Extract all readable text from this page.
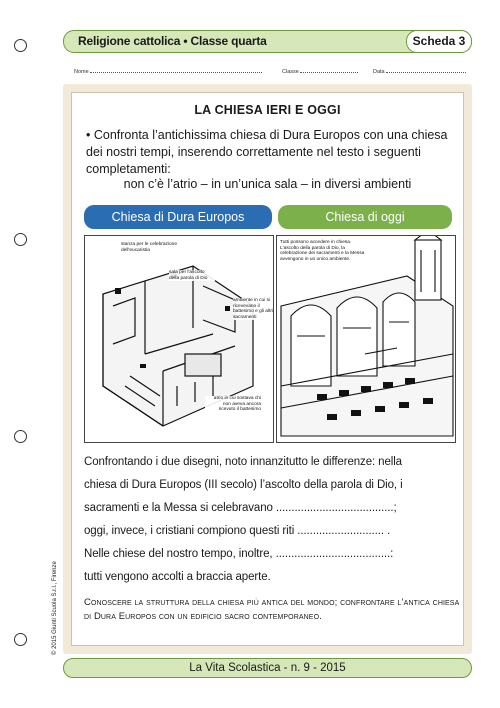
Religione cattolica • Classe quarta	Scheda 3
Nome	Classe	Data
LA CHIESA IERI E OGGI
• Confronta l’antichissima chiesa di Dura Europos con una chiesa dei nostri tempi, inserendo correttamente nel testo i seguenti completamenti:
non c’è l’atrio – in un’unica sala – in diversi ambienti
Chiesa di Dura Europos	Chiesa di oggi
stanza per le celebrazione dell'eucaristia
sala per l'ascolto della parola di Dio
ambiente in cui si ricevevano il battesimo e gli altri sacramenti
atrio in cui sostava chi non aveva ancora ricevuto il battesimo
Tutti possono accedere in chiesa. L'ascolto della parola di Dio, la celebrazione dei sacramenti e la Messa avvengono in un unico ambiente.

Confrontando i due disegni, noto innanzitutto le differenze: nella

chiesa di Dura Europos (III secolo) l’ascolto della parola di Dio, i

sacramenti e la Messa si celebravano ......................................;

oggi, invece, i cristiani compiono questi riti ............................ .

Nelle chiese del nostro tempo, inoltre, .....................................:

tutti vengono accolti a braccia aperte.

Conoscere la struttura della chiesa più antica del mondo; confrontare l’antica chiesa di Dura Europos con un edificio sacro contemporaneo.
© 2015 Giunti Scuola S.r.l., Firenze
La Vita Scolastica - n. 9 - 2015
